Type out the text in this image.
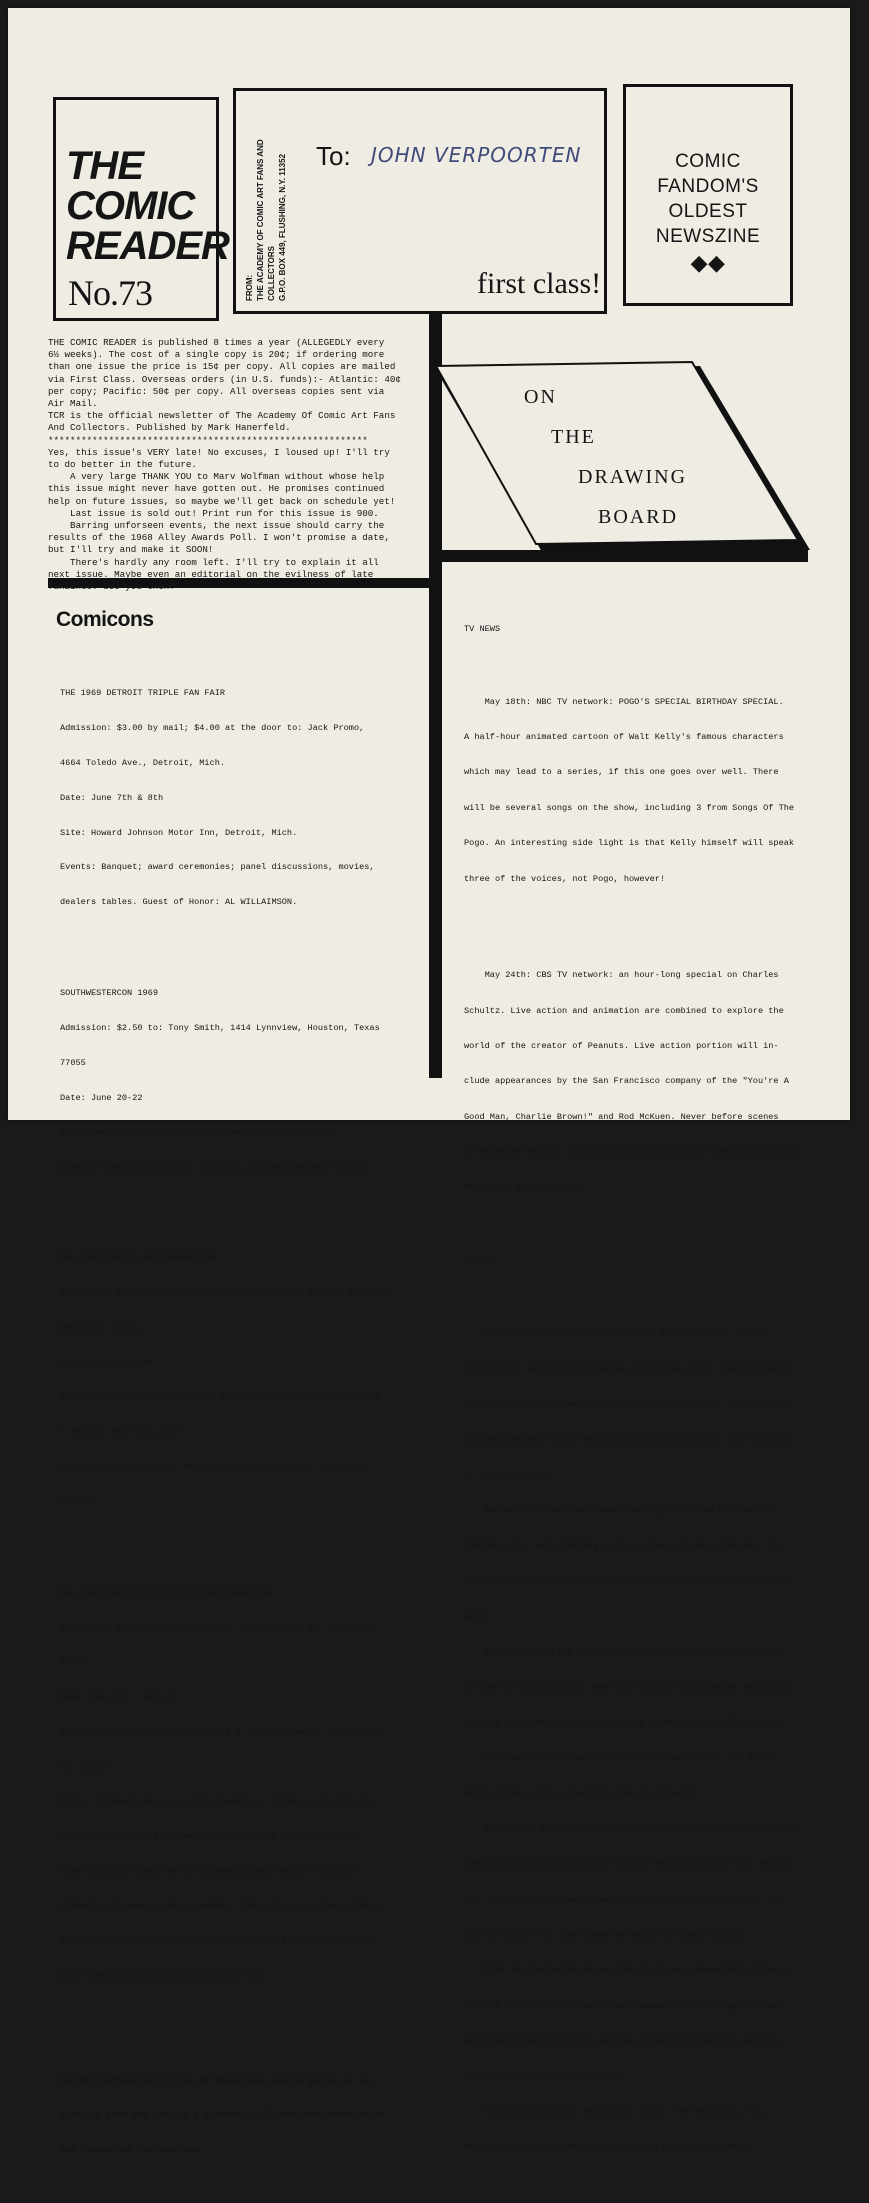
THE
COMIC
READER
No.73	FROM: THE ACADEMY OF COMIC ART FANS AND COLLECTORS G.P.O. BOX 449, FLUSHING, N.Y. 11352 To: JOHN VERPOORTEN
first class!
COMIC
FANDOM'S
OLDEST
NEWSZINE
◆◆

THE COMIC READER is published 8 times a year (ALLEGEDLY every

6½ weeks). The cost of a single copy is 20¢; if ordering more

than one issue the price is 15¢ per copy. All copies are mailed

via First Class. Overseas orders (in U.S. funds):- Atlantic: 40¢

per copy; Pacific: 50¢ per copy. All overseas copies sent via

Air Mail.

TCR is the official newsletter of The Academy Of Comic Art Fans

And Collectors. Published by Mark Hanerfeld.

**********************************************************

Yes, this issue's VERY late! No excuses, I loused up! I'll try

to do better in the future.

A very large THANK YOU to Marv Wolfman without whose help

this issue might never have gotten out. He promises continued

help on future issues, so maybe we'll get back on schedule yet!

Last issue is sold out! Print run for this issue is 900.

Barring unforseen events, the next issue should carry the

results of the 1968 Alley Awards Poll. I won't promise a date,

but I'll try and make it SOON!

There's hardly any room left. I'll try to explain it all

next issue. Maybe even an editorial on the evilness of late

fanzines. See you then!

ON
THE
DRAWING
BOARD
Comicons

THE 1969 DETROIT TRIPLE FAN FAIR

Admission: $3.00 by mail; $4.00 at the door to: Jack Promo,

4664 Toledo Ave., Detroit, Mich.

Date: June 7th & 8th

Site: Howard Johnson Motor Inn, Detroit, Mich.

Events: Banquet; award ceremonies; panel discussions, movies,

dealers tables. Guest of Honor: AL WILLAIMSON.

SOUTHWESTERCON 1969

Admission: $2.50 to: Tony Smith, 1414 Lynnview, Houston, Texas

77055

Date: June 20-22

Site: Ramada Inn (2525 Allen Parkway), Houston, Texas.

Events: Panel discussions, displays, movies, dealers tables.

THE 1969 COMIC  ART CONVENTION

Admission: $3.50 to Phil Seuling 2883 West 12th Street, Brooklyn

New York, 11224.

Date: July 4th-6th.

Site: Penn top/ sky top rooms, Statler Hilton Hotel, 33rd St &

7 Avenue, New York, N.Y.

Events: Luncheon, Pros, Panel Discussions,Dealers Tables,Ex-

hibits.

THE 1969 WORLD SCIENCE FICTION CONVENTION

Admission: $4.00 to: St. Louiscon, PO Box 3008, St. Louis, Mo.

63130.

Date: Aug. 29 - Sept.1

Site: Chase-Park Plaza Hotel (212 N. Kingshighway), St. Louis,

Mo. 63105

NOTE:  Although this is a SF convention, lately spin-off mini-

cons for associated fandoms (comics fandom included) have

taken place at these affairs because many comics fans are

attending in ever-greater numbers. Since St. Louis has a large

and active comics-fan movement, there will probably be one or

more comics-oriented events at this Con.

Further information on any of these Cons can be gotten by re-

questing same and sending a stamped, self-addressed envelope to

the respective Con chairmen.

TV NEWS

May 18th: NBC TV network: POGO'S SPECIAL BIRTHDAY SPECIAL.

A half-hour animated cartoon of Walt Kelly's famous characters

which may lead to a series, if this one goes over well. There

will be several songs on the show, including 3 from Songs Of The

Pogo. An interesting side light is that Kelly himself will speak

three of the voices, not Pogo, however!

May 24th: CBS TV network: an hour-long special on Charles

Schultz. Live action and animation are combined to explore the

world of the creator of Peanuts. Live action portion will in-

clude appearances by the San Francisco company of the "You're A

Good Man, Charlie Brown!" and Rod McKuen. Never before scenes

of animated Peanuts film that will be shown is from the upcoming

90 minute peanuts movie.

BOOKS

Resurrection Day, DOC SAVAGE #36, a May release, is the

last of the series to be issued at the 50¢ price. Starting with

the June release, "Mex," the price goes up to 60¢. Also the art-

ist who has been doing those beautiful covers will soon no long-

er be doing them.

BANTAM BOOKS has purchased the rights to reprint the old

SHADOW pulps, and starting in May  they will be releasing, in

sequence, the entire series. # 1 is "The Living Shadow" (#4463,

60¢.)

BERKLEY MEDALLION has purchased the rights to reprint all

of the old SPIDER pulps, and the first in this series should go

on sale sometime during this coming summer or possibly in Sept.

PAPERBACK LIBRARY will publish a collection of the REX &

MEEK strips, with a foward by Charles Schultz.

BALLANTINE BOOKS has just released the first 6 titles in the

TARZAN series, and will soon release new editions of the second

six. Each of these has a newly painted action cover which, if

your a Tarzan fan, may alone be worth the 50¢ pricetag.

Brak The Barbarian Versus The Sorceress (Paperback Library,

#63-089, 60¢) by John Jakes, is a sequel to the original Brak

book (published by Avon), and has a beautiful Sword & Sorcery

cover painted by Frank Frazetta.

The second Land Of The Giants book, "The Hot Spot," by

Murray Leinster (Pyramid, #X-1921, 60¢)is now available.
